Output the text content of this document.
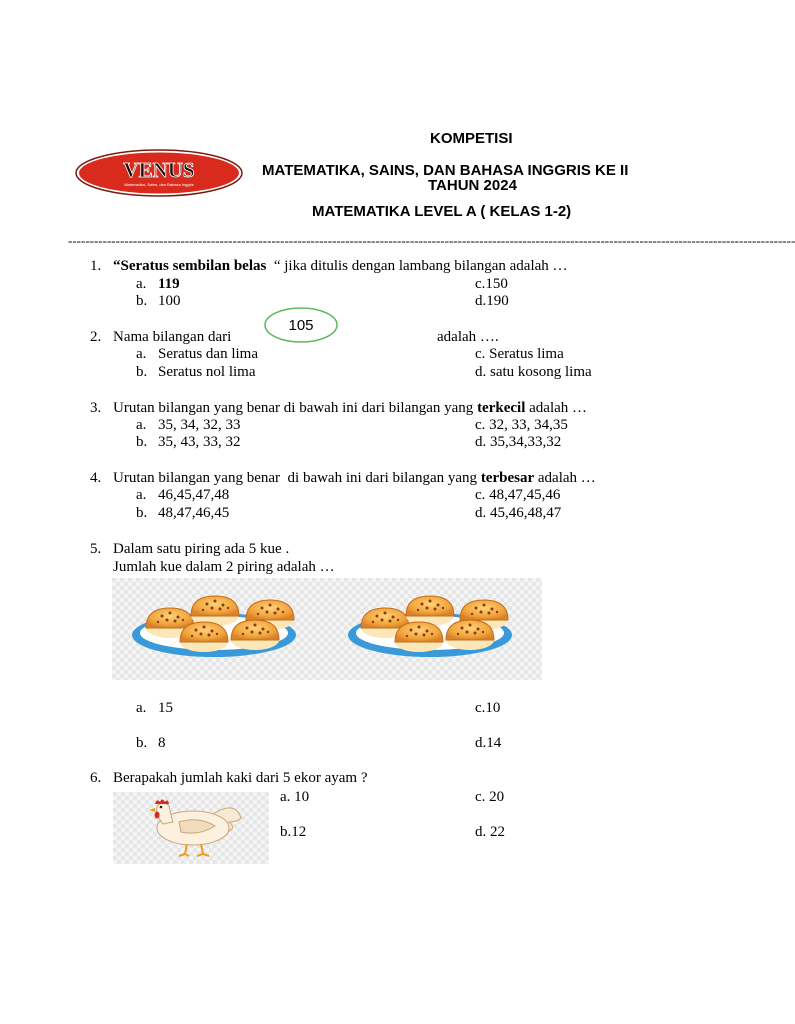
VENUS
Matematika, Sains, dan Bahasa Inggris
KOMPETISI
MATEMATIKA, SAINS, DAN BAHASA INGGRIS KE II
TAHUN 2024
MATEMATIKA LEVEL A ( KELAS 1-2)
------------------------------------------------------------------------------------------------------------------------------------------------------------------------
1. “Seratus sembilan belas  “ jika ditulis dengan lambang bilangan adalah …
a. 119
b. 100
c.150
d.190
2. Nama bilangan dari
105
adalah ….
a. Seratus dan lima
b. Seratus nol lima
c. Seratus lima
d. satu kosong lima
3. Urutan bilangan yang benar di bawah ini dari bilangan yang terkecil adalah …
a. 35, 34, 32, 33
b. 35, 43, 33, 32
c. 32, 33, 34,35
d. 35,34,33,32
4. Urutan bilangan yang benar  di bawah ini dari bilangan yang terbesar adalah …
a. 46,45,47,48
b. 48,47,46,45
c. 48,47,45,46
d. 45,46,48,47
5. Dalam satu piring ada 5 kue .
Jumlah kue dalam 2 piring adalah …
a. 15
b. 8
c.10
d.14
6. Berapakah jumlah kaki dari 5 ekor ayam ?
a. 10
b.12
c. 20
d. 22
